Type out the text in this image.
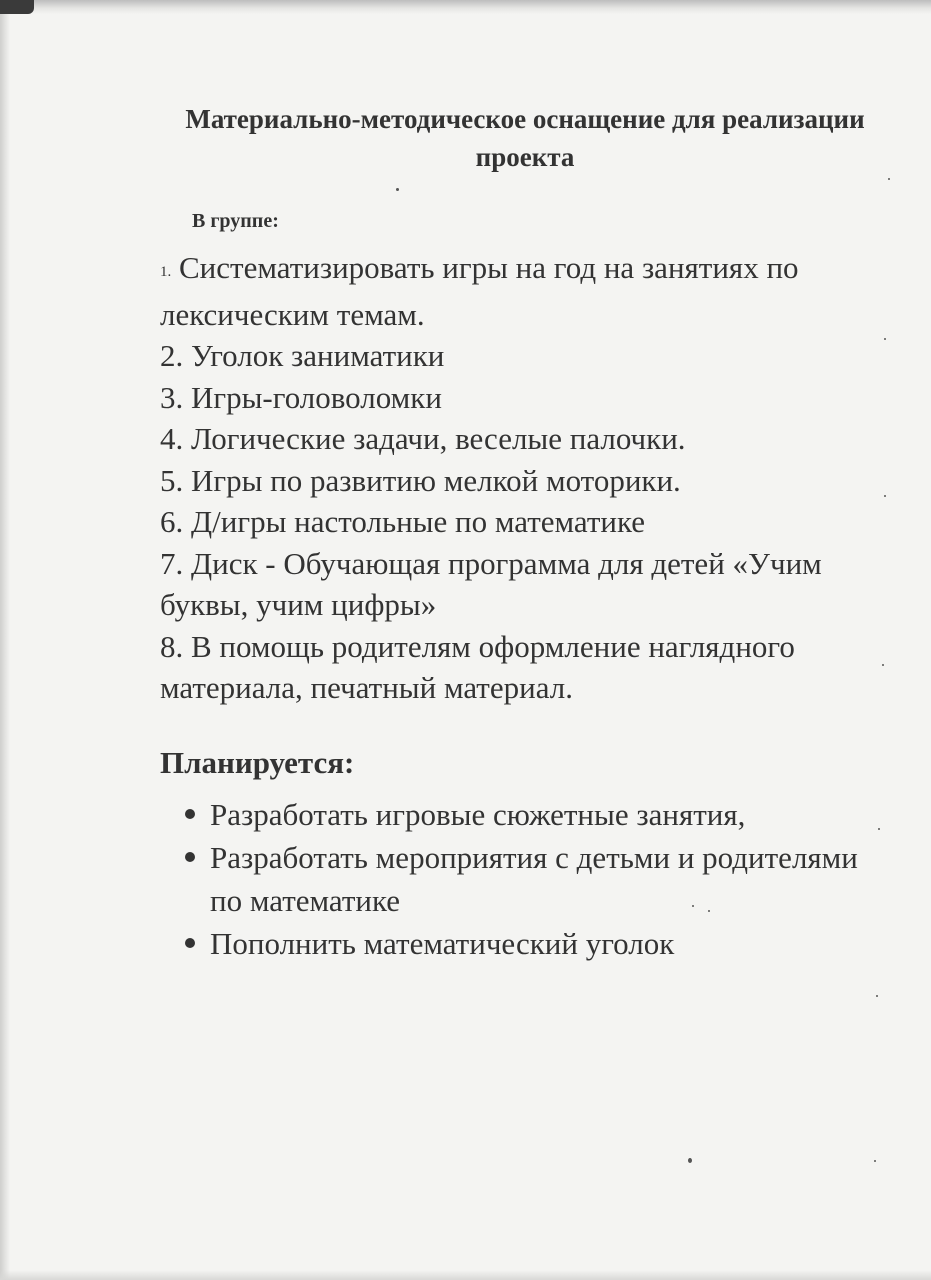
Материально-методическое оснащение для реализации проекта
В группе:
1. Систематизировать игры на год на занятиях по лексическим темам.
2. Уголок заниматики
3. Игры-головоломки
4. Логические задачи, веселые палочки.
5. Игры по развитию мелкой моторики.
6. Д/игры настольные по математике
7. Диск - Обучающая программа для детей «Учим буквы, учим цифры»
8. В помощь родителям оформление наглядного материала, печатный материал.
Планируется:
Разработать игровые сюжетные занятия,
Разработать мероприятия с детьми и родителями по математике
Пополнить математический уголок
